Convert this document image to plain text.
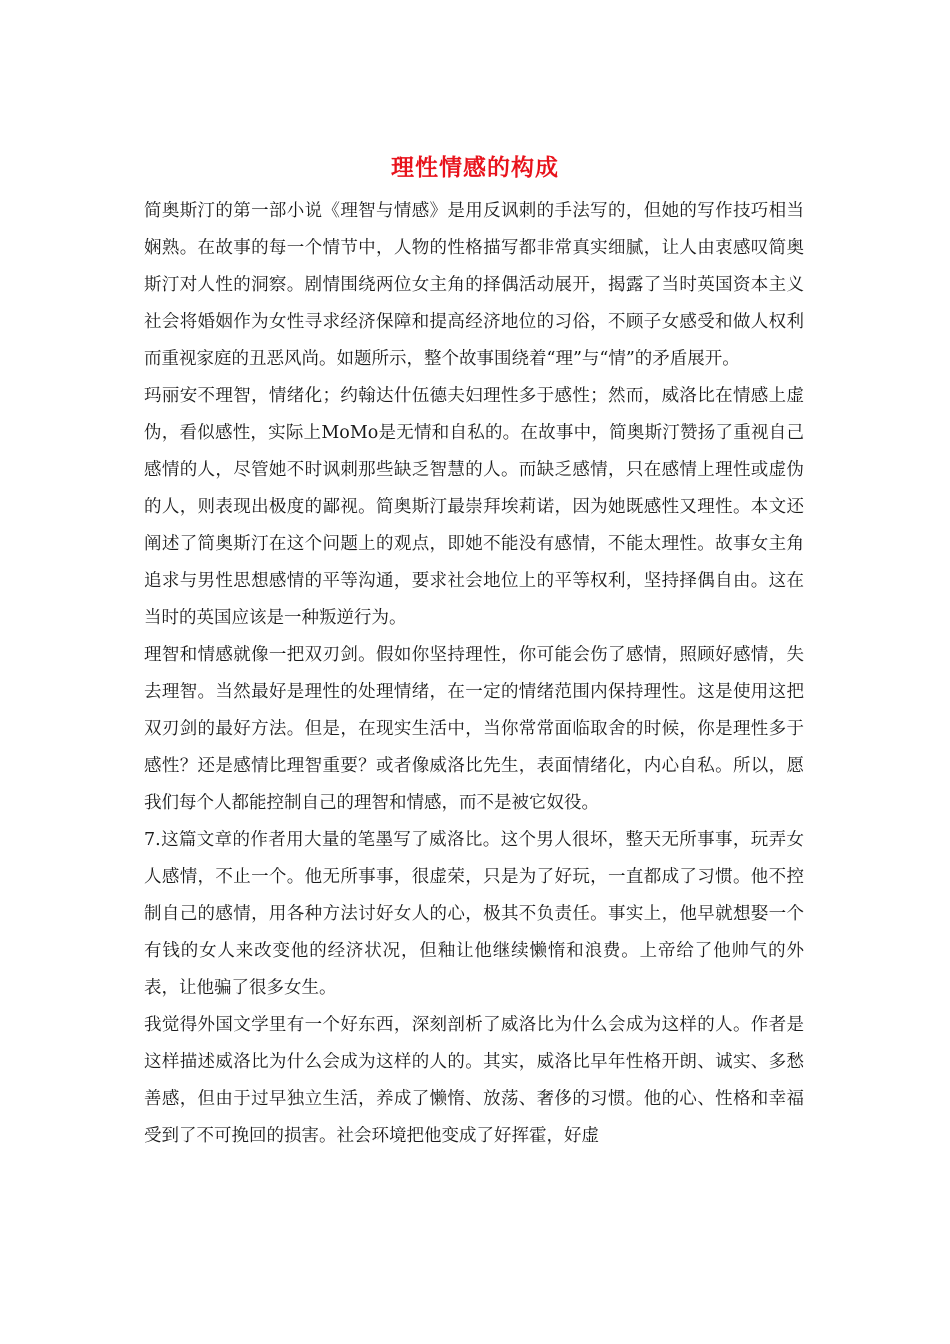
理性情感的构成

简奥斯汀的第一部小说《理智与情感》是用反讽刺的手法写的，但她的写作技巧相当娴熟。在故事的每一个情节中，人物的性格描写都非常真实细腻，让人由衷感叹简奥斯汀对人性的洞察。剧情围绕两位女主角的择偶活动展开，揭露了当时英国资本主义社会将婚姻作为女性寻求经济保障和提高经济地位的习俗，不顾子女感受和做人权利而重视家庭的丑恶风尚。如题所示，整个故事围绕着“理”与“情”的矛盾展开。

玛丽安不理智，情绪化；约翰达什伍德夫妇理性多于感性；然而，威洛比在情感上虚伪，看似感性，实际上MoMo是无情和自私的。在故事中，简奥斯汀赞扬了重视自己感情的人，尽管她不时讽刺那些缺乏智慧的人。而缺乏感情，只在感情上理性或虚伪的人，则表现出极度的鄙视。简奥斯汀最崇拜埃莉诺，因为她既感性又理性。本文还阐述了简奥斯汀在这个问题上的观点，即她不能没有感情，不能太理性。故事女主角追求与男性思想感情的平等沟通，要求社会地位上的平等权利，坚持择偶自由。这在当时的英国应该是一种叛逆行为。

理智和情感就像一把双刃剑。假如你坚持理性，你可能会伤了感情，照顾好感情，失去理智。当然最好是理性的处理情绪，在一定的情绪范围内保持理性。这是使用这把双刃剑的最好方法。但是，在现实生活中，当你常常面临取舍的时候，你是理性多于感性？还是感情比理智重要？或者像威洛比先生，表面情绪化，内心自私。所以，愿我们每个人都能控制自己的理智和情感，而不是被它奴役。

7.这篇文章的作者用大量的笔墨写了威洛比。这个男人很坏，整天无所事事，玩弄女人感情，不止一个。他无所事事，很虚荣，只是为了好玩，一直都成了习惯。他不控制自己的感情，用各种方法讨好女人的心，极其不负责任。事实上，他早就想娶一个有钱的女人来改变他的经济状况，但釉让他继续懒惰和浪费。上帝给了他帅气的外表，让他骗了很多女生。

我觉得外国文学里有一个好东西，深刻剖析了威洛比为什么会成为这样的人。作者是这样描述威洛比为什么会成为这样的人的。其实，威洛比早年性格开朗、诚实、多愁善感，但由于过早独立生活，养成了懒惰、放荡、奢侈的习惯。他的心、性格和幸福受到了不可挽回的损害。社会环境把他变成了好挥霍，好虚
